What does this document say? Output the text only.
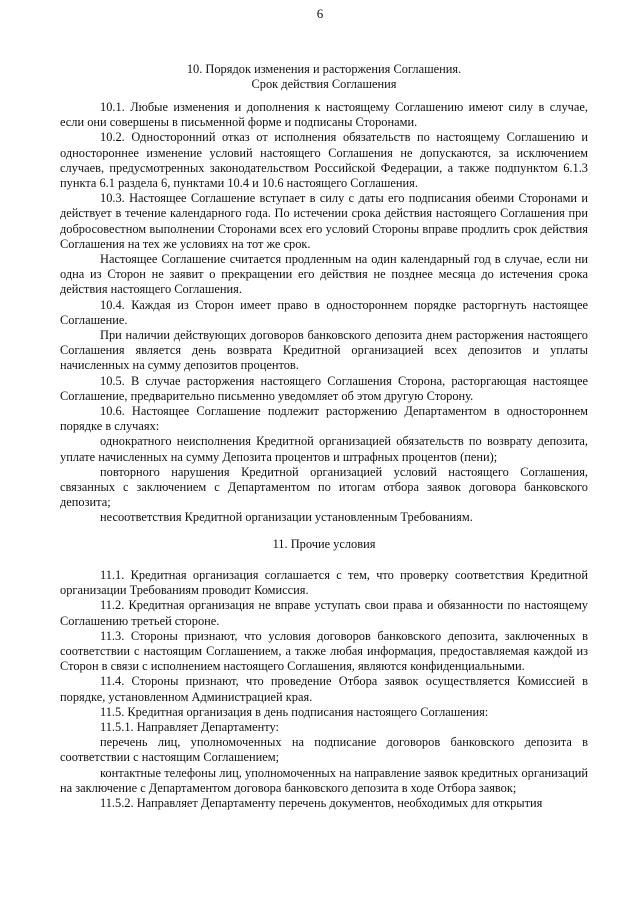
6
10. Порядок изменения и расторжения Соглашения.
Срок действия Соглашения

10.1. Любые изменения и дополнения к настоящему Соглашению имеют силу в случае, если они совершены в письменной форме и подписаны Сторонами.

10.2. Односторонний отказ от исполнения обязательств по настоящему Соглашению и одностороннее изменение условий настоящего Соглашения не допускаются, за исключением случаев, предусмотренных законодательством Российской Федерации, а также подпунктом 6.1.3 пункта 6.1 раздела 6, пунктами 10.4 и 10.6 настоящего Соглашения.

10.3. Настоящее Соглашение вступает в силу с даты его подписания обеими Сторонами и действует в течение календарного года. По истечении срока действия настоящего Соглашения при добросовестном выполнении Сторонами всех его условий Стороны вправе продлить срок действия Соглашения на тех же условиях на тот же срок.

Настоящее Соглашение считается продленным на один календарный год в случае, если ни одна из Сторон не заявит о прекращении его действия не позднее месяца до истечения срока действия настоящего Соглашения.

10.4. Каждая из Сторон имеет право в одностороннем порядке расторгнуть настоящее Соглашение.

При наличии действующих договоров банковского депозита днем расторжения настоящего Соглашения является день возврата Кредитной организацией всех депозитов и уплаты начисленных на сумму депозитов процентов.

10.5. В случае расторжения настоящего Соглашения Сторона, расторгающая настоящее Соглашение, предварительно письменно уведомляет об этом другую Сторону.

10.6. Настоящее Соглашение подлежит расторжению Департаментом в одностороннем порядке в случаях:

однократного неисполнения Кредитной организацией обязательств по возврату депозита, уплате начисленных на сумму Депозита процентов и штрафных процентов (пени);

повторного нарушения Кредитной организацией условий настоящего Соглашения, связанных с заключением с Департаментом по итогам отбора заявок договора банковского депозита;

несоответствия Кредитной организации установленным Требованиям.

11. Прочие условия

11.1. Кредитная организация соглашается с тем, что проверку соответствия Кредитной организации Требованиям проводит Комиссия.

11.2. Кредитная организация не вправе уступать свои права и обязанности по настоящему Соглашению третьей стороне.

11.3. Стороны признают, что условия договоров банковского депозита, заключенных в соответствии с настоящим Соглашением, а также любая информация, предоставляемая каждой из Сторон в связи с исполнением настоящего Соглашения, являются конфиденциальными.

11.4. Стороны признают, что проведение Отбора заявок осуществляется Комиссией в порядке, установленном Администрацией края.

11.5. Кредитная организация в день подписания настоящего Соглашения:

11.5.1. Направляет Департаменту:

перечень лиц, уполномоченных на подписание договоров банковского депозита в соответствии с настоящим Соглашением;

контактные телефоны лиц, уполномоченных на направление заявок кредитных организаций на заключение с Департаментом договора банковского депозита в ходе Отбора заявок;

11.5.2. Направляет Департаменту перечень документов, необходимых для открытия
